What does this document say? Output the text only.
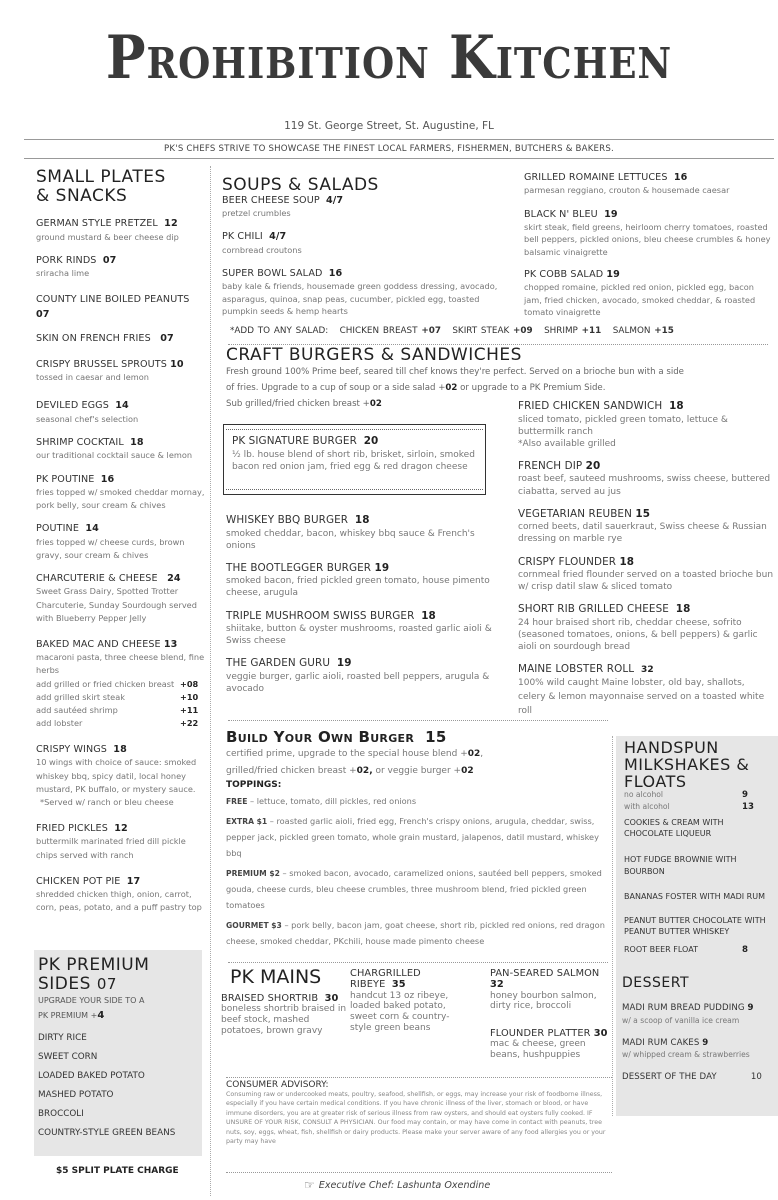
Prohibition Kitchen
119 St. George Street, St. Augustine, FL
PK'S CHEFS STRIVE TO SHOWCASE THE FINEST LOCAL FARMERS, FISHERMEN, BUTCHERS & BAKERS.
SMALL PLATES
& SNACKS
GERMAN STYLE PRETZEL 12
ground mustard & beer cheese dip
PORK RINDS 07
sriracha lime
COUNTY LINE BOILED PEANUTS  07
SKIN ON FRENCH FRIES 07
CRISPY BRUSSEL SPROUTS 10
tossed in caesar and lemon
DEVILED EGGS 14
seasonal chef's selection
SHRIMP COCKTAIL 18
our traditional cocktail sauce & lemon
PK POUTINE 16
fries topped w/ smoked cheddar mornay, pork belly, sour cream & chives
POUTINE 14
fries topped w/ cheese curds, brown gravy, sour cream & chives
CHARCUTERIE & CHEESE 24
Sweet Grass Dairy, Spotted Trotter Charcuterie, Sunday Sourdough served with Blueberry Pepper Jelly
BAKED MAC AND CHEESE 13
macaroni pasta, three cheese blend, fine herbs
add grilled or fried chicken breast +08
add grilled skirt steak	+10
add sautéed shrimp	+11
add lobster	+22
CRISPY WINGS 18
10 wings with choice of sauce: smoked whiskey bbq, spicy datil, local honey mustard, PK buffalo, or mystery sauce.
*Served w/ ranch or bleu cheese
FRIED PICKLES 12
buttermilk marinated fried dill pickle chips served with ranch
CHICKEN POT PIE 17
shredded chicken thigh, onion, carrot, corn, peas, potato, and a puff pastry top
PK PREMIUM
SIDES 07
UPGRADE YOUR SIDE TO A
PK PREMIUM +4
DIRTY RICE
SWEET CORN
LOADED BAKED POTATO
MASHED POTATO
BROCCOLI
COUNTRY-STYLE GREEN BEANS
$5 SPLIT PLATE CHARGE
SOUPS & SALADS
BEER CHEESE SOUP 4/7
pretzel crumbles
PK CHILI 4/7
cornbread croutons
SUPER BOWL SALAD 16
baby kale & friends, housemade green goddess dressing, avocado, asparagus, quinoa, snap peas, cucumber, pickled egg, toasted pumpkin seeds & hemp hearts
GRILLED ROMAINE LETTUCES 16
parmesan reggiano, crouton & housemade caesar
BLACK N' BLEU 19
skirt steak, field greens, heirloom cherry tomatoes, roasted bell peppers, pickled onions, bleu cheese crumbles & honey balsamic vinaigrette
PK COBB SALAD 19
chopped romaine, pickled red onion, pickled egg, bacon jam, fried chicken, avocado, smoked cheddar, & roasted tomato vinaigrette
*ADD TO ANY SALAD: CHICKEN BREAST +07 SKIRT STEAK +09 SHRIMP +11 SALMON +15
CRAFT BURGERS & SANDWICHES
Fresh ground 100% Prime beef, seared till chef knows they're perfect. Served on a brioche bun with a side
of fries. Upgrade to a cup of soup or a side salad +02 or upgrade to a PK Premium Side.
Sub grilled/fried chicken breast +02
PK SIGNATURE BURGER 20
½ lb. house blend of short rib, brisket, sirloin, smoked bacon red onion jam, fried egg & red dragon cheese
WHISKEY BBQ BURGER 18
smoked cheddar, bacon, whiskey bbq sauce & French's onions
THE BOOTLEGGER BURGER 19
smoked bacon, fried pickled green tomato, house pimento cheese, arugula
TRIPLE MUSHROOM SWISS BURGER 18
shiitake, button & oyster mushrooms, roasted garlic aioli & Swiss cheese
THE GARDEN GURU 19
veggie burger, garlic aioli, roasted bell peppers, arugula & avocado
FRIED CHICKEN SANDWICH 18
sliced tomato, pickled green tomato, lettuce & buttermilk ranch
*Also available grilled
FRENCH DIP 20
roast beef, sauteed mushrooms, swiss cheese, buttered ciabatta, served au jus
VEGETARIAN REUBEN 15
corned beets, datil sauerkraut, Swiss cheese & Russian dressing on marble rye
CRISPY FLOUNDER 18
cornmeal fried flounder served on a toasted brioche bun w/ crisp datil slaw & sliced tomato
SHORT RIB GRILLED CHEESE 18
24 hour braised short rib, cheddar cheese, sofrito (seasoned tomatoes, onions, & bell peppers) & garlic aioli on sourdough bread
MAINE LOBSTER ROLL 32
100% wild caught Maine lobster, old bay, shallots, celery & lemon mayonnaise served on a toasted white roll
Build Your Own Burger 15
certified prime, upgrade to the special house blend +02,
grilled/fried chicken breast +02, or veggie burger +02
TOPPINGS:
FREE – lettuce, tomato, dill pickles, red onions
EXTRA $1 – roasted garlic aioli, fried egg, French's crispy onions, arugula, cheddar, swiss, pepper jack, pickled green tomato, whole grain mustard, jalapenos, datil mustard, whiskey bbq
PREMIUM $2 – smoked bacon, avocado, caramelized onions, sautéed bell peppers, smoked gouda, cheese curds, bleu cheese crumbles, three mushroom blend, fried pickled green tomatoes
GOURMET $3 – pork belly, bacon jam, goat cheese, short rib, pickled red onions, red dragon cheese, smoked cheddar, PKchili, house made pimento cheese
HANDSPUN
MILKSHAKES &
FLOATS
no alcohol	9
with alcohol	13
COOKIES & CREAM WITH CHOCOLATE LIQUEUR
HOT FUDGE BROWNIE WITH BOURBON
BANANAS FOSTER WITH MADI RUM
PEANUT BUTTER CHOCOLATE WITH PEANUT BUTTER WHISKEY
ROOT BEER FLOAT	8
DESSERT
MADI RUM BREAD PUDDING 9
w/ a scoop of vanilla ice cream
MADI RUM CAKES 9
w/ whipped cream & strawberries
DESSERT OF THE DAY	10
PK MAINS
BRAISED SHORTRIB 30
boneless shortrib braised in beef stock, mashed potatoes, brown gravy
CHARGRILLED RIBEYE 35
handcut 13 oz ribeye, loaded baked potato, sweet corn & country-style green beans
PAN-SEARED SALMON 32
honey bourbon salmon, dirty rice, broccoli
FLOUNDER PLATTER 30
mac & cheese, green beans, hushpuppies
CONSUMER ADVISORY:
Consuming raw or undercooked meats, poultry, seafood, shellfish, or eggs, may increase your risk of foodborne illness, especially if you have certain medical conditions. If you have chronic illness of the liver, stomach or blood, or have immune disorders, you are at greater risk of serious illness from raw oysters, and should eat oysters fully cooked. IF UNSURE OF YOUR RISK, CONSULT A PHYSICIAN. Our food may contain, or may have come in contact with peanuts, tree nuts, soy, eggs, wheat, fish, shellfish or dairy products. Please make your server aware of any food allergies you or your party may have
☞ Executive Chef: Lashunta Oxendine
